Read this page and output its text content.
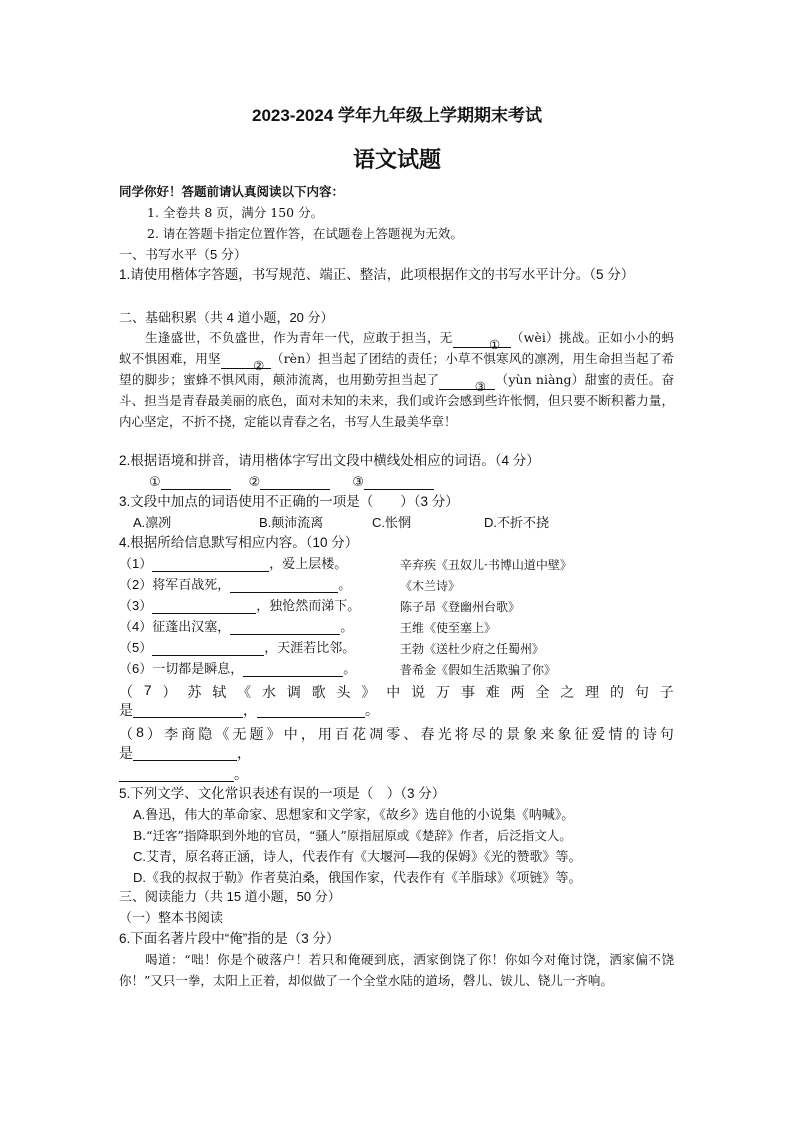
2023-2024 学年九年级上学期期末考试
语文试题
同学你好！答题前请认真阅读以下内容：
1. 全卷共 8 页，满分 150 分。
2. 请在答题卡指定位置作答，在试题卷上答题视为无效。
一、书写水平（5 分）
1.请使用楷体字答题，书写规范、端正、整洁，此项根据作文的书写水平计分。（5 分）
二、基础积累（共 4 道小题，20 分）
生逢盛世，不负盛世，作为青年一代，应敢于担当，无	① （wèi）挑战。正如小小的蚂蚁不惧困难，用坚	② （rèn）担当起了团结的责任；小草不惧寒风的凛冽，用生命担当起了希望的脚步；蜜蜂不惧风雨，颠沛流离，也用勤劳担当起了	③ （yùn niàng）甜蜜的责任。奋斗、担当是青春最美丽的底色，面对未知的未来，我们或许会感到些许怅惘，但只要不断积蓄力量，内心坚定，不折不挠，定能以青春之名，书写人生最美华章！
2.根据语境和拼音，请用楷体字写出文段中横线处相应的词语。（4 分）
①	②	③
3.文段中加点的词语使用不正确的一项是（　　）（3 分）
A.凛冽	B.颠沛流离	C.怅惘	D.不折不挠
4.根据所给信息默写相应内容。（10 分）
（1）	，爱上层楼。	辛弃疾《丑奴儿·书博山道中壁》
（2）将军百战死，	。	《木兰诗》
（3）	，独怆然而涕下。	陈子昂《登幽州台歌》
（4）征蓬出汉塞，	。	王维《使至塞上》
（5）	，天涯若比邻。	王勃《送杜少府之任蜀州》
（6）一切都是瞬息，	。	普希金《假如生活欺骗了你》
（ 7 ） 苏 轼 《 水 调 歌 头 》 中 说 万 事 难 两 全 之 理 的 句 子
是	，	。
（ 8 ） 李 商 隐 《 无 题 》 中 ， 用 百 花 凋 零 、 春 光 将 尽 的 景 象 来 象 征 爱 情 的 诗 句
是	，
。
5.下列文学、文化常识表述有误的一项是（　）（3 分）
A.鲁迅，伟大的革命家、思想家和文学家，《故乡》选自他的小说集《呐喊》。
B.“迁客”指降职到外地的官员，“骚人”原指屈原或《楚辞》作者，后泛指文人。
C.艾青，原名蒋正涵，诗人，代表作有《大堰河—我的保姆》《光的赞歌》等。
D.《我的叔叔于勒》作者莫泊桑，俄国作家，代表作有《羊脂球》《项链》等。
三、阅读能力（共 15 道小题，50 分）
（一）整本书阅读
6.下面名著片段中“俺”指的是（3 分）
喝道：“咄！你是个破落户！若只和俺硬到底，洒家倒饶了你！你如今对俺讨饶，洒家偏不饶你！”又只一拳，太阳上正着，却似做了一个全堂水陆的道场，磬儿、钹儿、铙儿一齐响。
